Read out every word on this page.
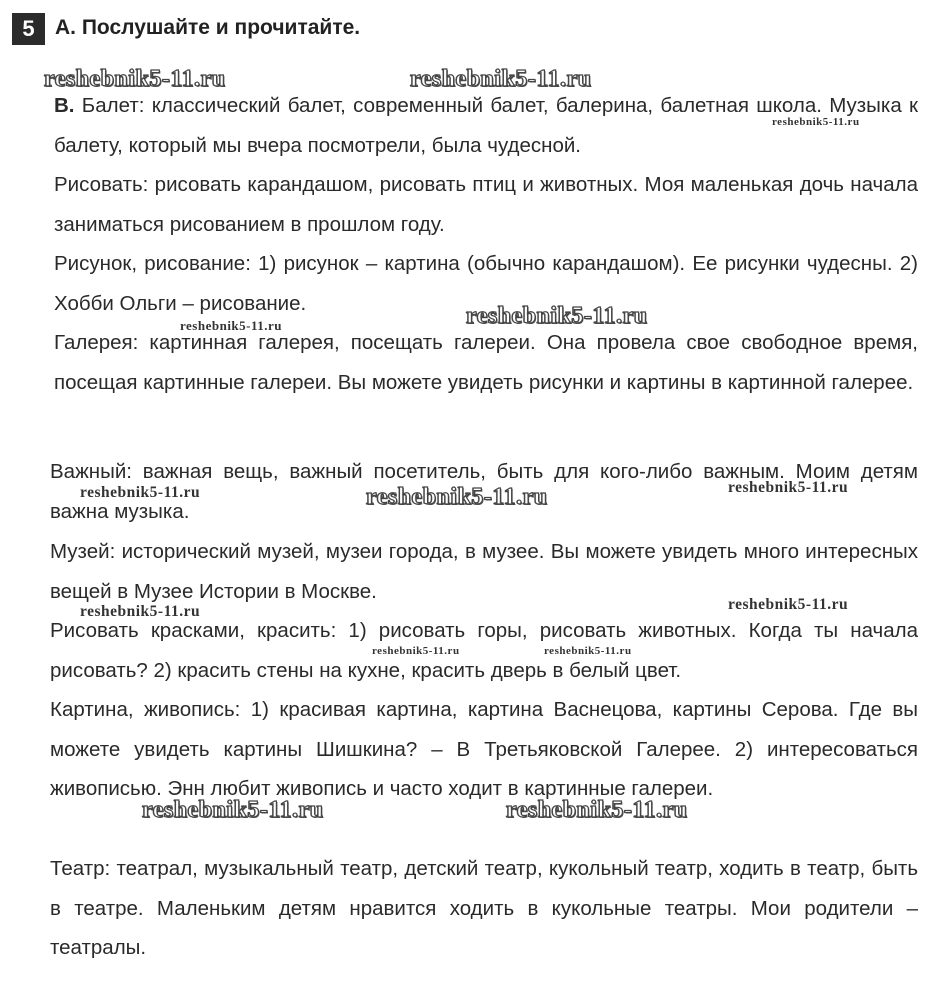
5 А. Послушайте и прочитайте.
В. Балет: классический балет, современный балет, балерина, балетная школа. Музыка к балету, который мы вчера посмотрели, была чудесной.
Рисовать: рисовать карандашом, рисовать птиц и животных. Моя маленькая дочь начала заниматься рисованием в прошлом году.
Рисунок, рисование: 1) рисунок – картина (обычно карандашом). Ее рисунки чудесны. 2) Хобби Ольги – рисование.
Галерея: картинная галерея, посещать галереи. Она провела свое свободное время, посещая картинные галереи. Вы можете увидеть рисунки и картины в картинной галерее.
Важный: важная вещь, важный посетитель, быть для кого-либо важным. Моим детям важна музыка.
Музей: исторический музей, музеи города, в музее. Вы можете увидеть много интересных вещей в Музее Истории в Москве.
Рисовать красками, красить: 1) рисовать горы, рисовать животных. Когда ты начала рисовать? 2) красить стены на кухне, красить дверь в белый цвет.
Картина, живопись: 1) красивая картина, картина Васнецова, картины Серова. Где вы можете увидеть картины Шишкина? – В Третьяковской Галерее. 2) интересоваться живописью. Энн любит живопись и часто ходит в картинные галереи.
Театр: театрал, музыкальный театр, детский театр, кукольный театр, ходить в театр, быть в театре. Маленьким детям нравится ходить в кукольные театры. Мои родители – театралы.
reshebnik5-11.ru	reshebnik5-11.ru
reshebnik5-11.ru
reshebnik5-11.ru
reshebnik5-11.ru
reshebnik5-11.ru	reshebnik5-11.ru	reshebnik5-11.ru
reshebnik5-11.ru	reshebnik5-11.ru
reshebnik5-11.ru	reshebnik5-11.ru
reshebnik5-11.ru	reshebnik5-11.ru
